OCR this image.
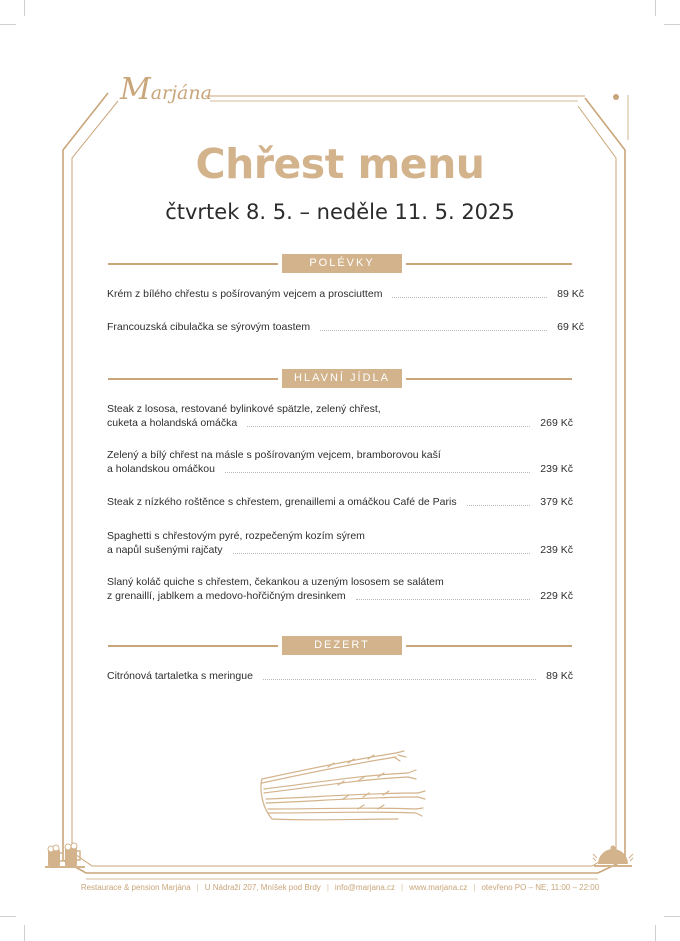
Marjána
Chřest menu
čtvrtek 8. 5. – neděle 11. 5. 2025
POLÉVKY
Krém z bílého chřestu s pošírovaným vejcem a prosciuttem	89 Kč
Francouzská cibulačka se sýrovým toastem	69 Kč
HLAVNÍ JÍDLA
Steak z lososa, restované bylinkové spätzle, zelený chřest,
cuketa a holandská omáčka	269 Kč
Zelený a bílý chřest na másle s pošírovaným vejcem, bramborovou kaší
a holandskou omáčkou	239 Kč
Steak z nízkého roštěnce s chřestem, grenaillemi a omáčkou Café de Paris	379 Kč
Spaghetti s chřestovým pyré, rozpečeným kozím sýrem
a napůl sušenými rajčaty	239 Kč
Slaný koláč quiche s chřestem, čekankou a uzeným lososem se salátem
z grenaillí, jablkem a medovo-hořčičným dresinkem	229 Kč
DEZERT
Citrónová tartaletka s meringue	89 Kč
Restaurace & pension Marjána | U Nádraží 207, Mníšek pod Brdy | info@marjana.cz | www.marjana.cz | otevřeno PO – NE, 11:00 – 22:00
